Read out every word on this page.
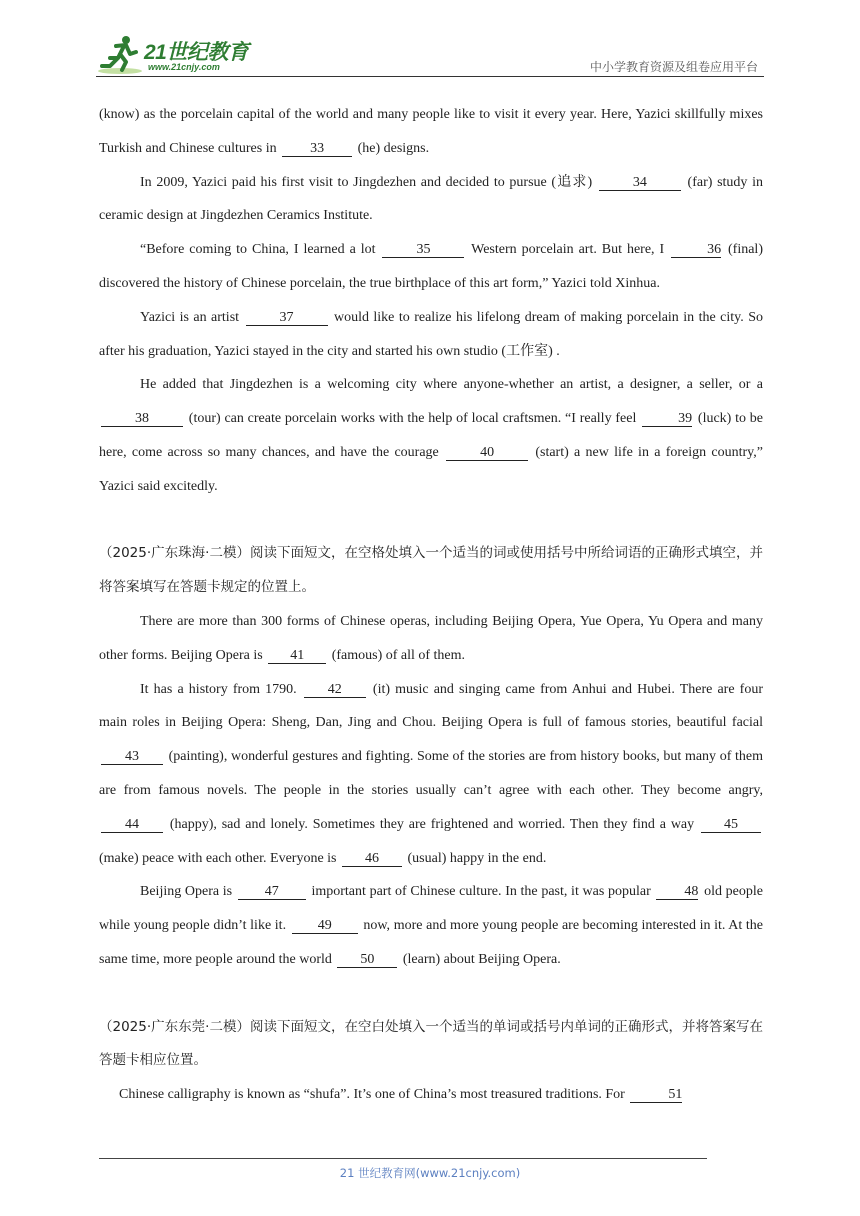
21世纪教育
www.21cnjy.com	中小学教育资源及组卷应用平台

(know) as the porcelain capital of the world and many people like to visit it every year. Here, Yazici skillfully mixes Turkish and Chinese cultures in 33 (he) designs.

In 2009, Yazici paid his first visit to Jingdezhen and decided to pursue (追求)	34	(far) study in ceramic design at Jingdezhen Ceramics Institute.

“Before coming to China, I learned a lot	35	Western porcelain art. But here, I	36 (final) discovered the history of Chinese porcelain, the true birthplace of this art form,” Yazici told Xinhua.

Yazici is an artist	37	would like to realize his lifelong dream of making porcelain in the city. So after his graduation, Yazici stayed in the city and started his own studio (工作室) .

He added that Jingdezhen is a welcoming city where anyone-whether an artist, a designer, a seller, or a 38	(tour) can create porcelain works with the help of local craftsmen. “I really feel	39 (luck) to be here, come across so many chances, and have the courage	40	(start) a new life in a foreign country,” Yazici said excitedly.

（2025·广东珠海·二模）阅读下面短文，在空格处填入一个适当的词或使用括号中所给词语的正确形式填空，并将答案填写在答题卡规定的位置上。

There are more than 300 forms of Chinese operas, including Beijing Opera, Yue Opera, Yu Opera and many other forms. Beijing Opera is 41 (famous) of all of them.

It has a history from 1790. 42 (it) music and singing came from Anhui and Hubei. There are four main roles in Beijing Opera: Sheng, Dan, Jing and Chou. Beijing Opera is full of famous stories, beautiful facial 43 (painting), wonderful gestures and fighting. Some of the stories are from history books, but many of them are from famous novels. The people in the stories usually can’t agree with each other. They become angry, 44 (happy), sad and lonely. Sometimes they are frightened and worried. Then they find a way 45 (make) peace with each other. Everyone is 46 (usual) happy in the end.

Beijing Opera is 47 important part of Chinese culture. In the past, it was popular 48 old people while young people didn’t like it. 49 now, more and more young people are becoming interested in it. At the same time, more people around the world 50 (learn) about Beijing Opera.

（2025·广东东莞·二模）阅读下面短文，在空白处填入一个适当的单词或括号内单词的正确形式，并将答案写在答题卡相应位置。

Chinese calligraphy is known as “shufa”. It’s one of China’s most treasured traditions. For	51

21 世纪教育网(www.21cnjy.com)
